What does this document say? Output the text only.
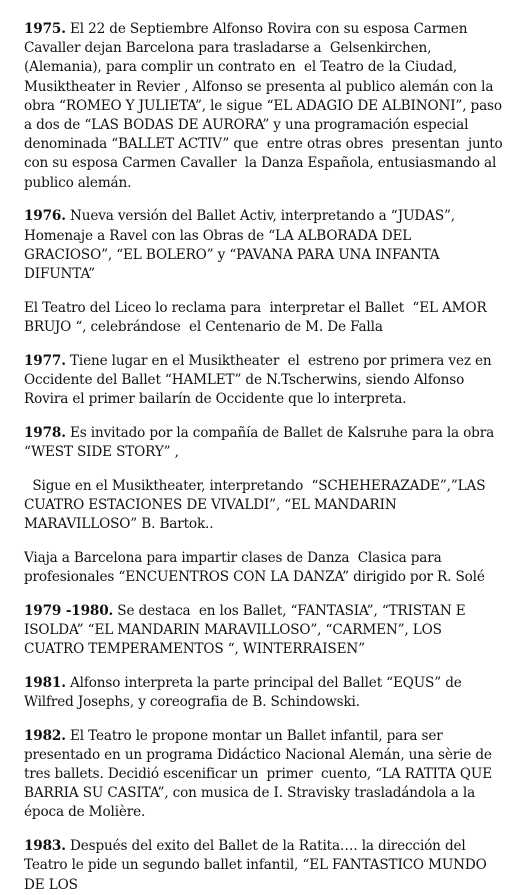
1975. El 22 de Septiembre Alfonso Rovira con su esposa Carmen Cavaller dejan Barcelona para trasladarse a  Gelsenkirchen, (Alemania), para complir un contrato en  el Teatro de la Ciudad, Musiktheater in Revier , Alfonso se presenta al publico alemán con la obra “ROMEO Y JULIETA”, le sigue “EL ADAGIO DE ALBINONI”, paso a dos de “LAS BODAS DE AURORA” y una programación especial denominada “BALLET ACTIV” que  entre otras obres  presentan  junto con su esposa Carmen Cavaller  la Danza Española, entusiasmando al publico alemán.

1976. Nueva versión del Ballet Activ, interpretando a “JUDAS”, Homenaje a Ravel con las Obras de “LA ALBORADA DEL GRACIOSO”, “EL BOLERO” y “PAVANA PARA UNA INFANTA DIFUNTA”

El Teatro del Liceo lo reclama para  interpretar el Ballet  “EL AMOR BRUJO “, celebrándose  el Centenario de M. De Falla

1977. Tiene lugar en el Musiktheater  el  estreno por primera vez en Occidente del Ballet “HAMLET” de N.Tscherwins, siendo Alfonso Rovira el primer bailarín de Occidente que lo interpreta.

1978. Es invitado por la compañía de Ballet de Kalsruhe para la obra “WEST SIDE STORY” ,

Sigue en el Musiktheater, interpretando  “SCHEHERAZADE”,”LAS CUATRO ESTACIONES DE VIVALDI”, “EL MANDARIN MARAVILLOSO” B. Bartok..

Viaja a Barcelona para impartir clases de Danza  Clasica para profesionales “ENCUENTROS CON LA DANZA” dirigido por R. Solé

1979 -1980. Se destaca  en los Ballet, “FANTASIA”, “TRISTAN E ISOLDA” “EL MANDARIN MARAVILLOSO”, “CARMEN”, LOS CUATRO TEMPERAMENTOS “, WINTERRAISEN”

1981. Alfonso interpreta la parte principal del Ballet “EQUS” de Wilfred Josephs, y coreografia de B. Schindowski.

1982. El Teatro le propone montar un Ballet infantil, para ser presentado en un programa Didáctico Nacional Alemán, una sèrie de tres ballets. Decidió escenificar un  primer  cuento, “LA RATITA QUE BARRIA SU CASITA”, con musica de I. Stravisky trasladándola a la época de Molière.

1983. Después del exito del Ballet de la Ratita…. la dirección del Teatro le pide un segundo ballet infantil, “EL FANTASTICO MUNDO DE LOS
